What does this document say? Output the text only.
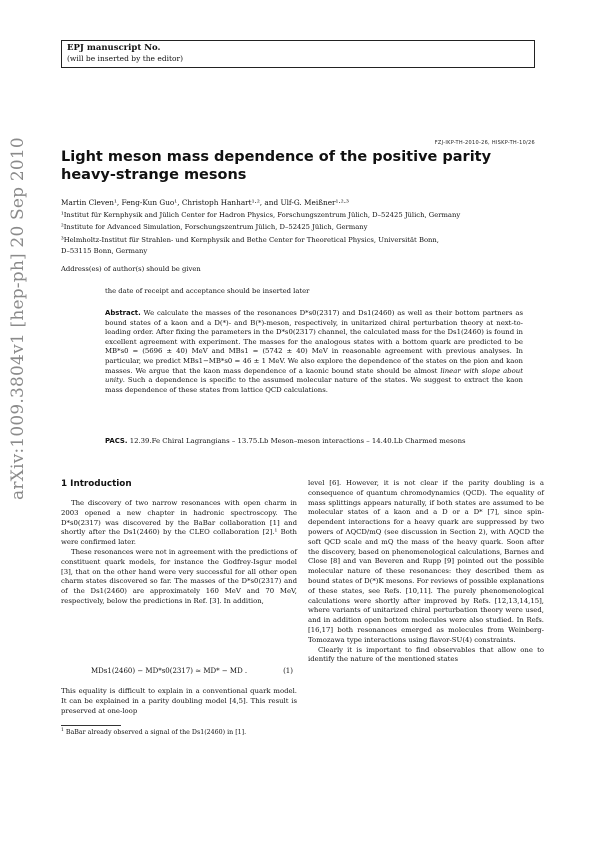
EPJ manuscript No.
(will be inserted by the editor)
arXiv:1009.3804v1 [hep-ph] 20 Sep 2010	FZJ-IKP-TH-2010-26, HISKP-TH-10/26
Light meson mass dependence of the positive parity
heavy-strange mesons
Martin Cleven¹, Feng-Kun Guo¹, Christoph Hanhart¹·², and Ulf-G. Meißner¹·²·³
¹Institut für Kernphysik and Jülich Center for Hadron Physics, Forschungszentrum Jülich, D–52425 Jülich, Germany
²Institute for Advanced Simulation, Forschungszentrum Jülich, D–52425 Jülich, Germany
³Helmholtz-Institut für Strahlen- und Kernphysik and Bethe Center for Theoretical Physics, Universität Bonn,
D–53115 Bonn, Germany
Address(es) of author(s) should be given
the date of receipt and acceptance should be inserted later
Abstract. We calculate the masses of the resonances D*s0(2317) and Ds1(2460) as well as their bottom partners as bound states of a kaon and a D(*)- and B(*)-meson, respectively, in unitarized chiral perturbation theory at next-to-leading order. After fixing the parameters in the D*s0(2317) channel, the calculated mass for the Ds1(2460) is found in excellent agreement with experiment. The masses for the analogous states with a bottom quark are predicted to be MB*s0 = (5696 ± 40) MeV and MBs1 = (5742 ± 40) MeV in reasonable agreement with previous analyses. In particular, we predict MBs1−MB*s0 = 46 ± 1 MeV. We also explore the dependence of the states on the pion and kaon masses. We argue that the kaon mass dependence of a kaonic bound state should be almost linear with slope about unity. Such a dependence is specific to the assumed molecular nature of the states. We suggest to extract the kaon mass dependence of these states from lattice QCD calculations.
PACS. 12.39.Fe Chiral Lagrangians – 13.75.Lb Meson–meson interactions – 14.40.Lb Charmed mesons
1 Introduction

The discovery of two narrow resonances with open charm in 2003 opened a new chapter in hadronic spectroscopy. The D*s0(2317) was discovered by the BaBar collaboration [1] and shortly after the Ds1(2460) by the CLEO collaboration [2].¹ Both were confirmed later.

These resonances were not in agreement with the predictions of constituent quark models, for instance the Godfrey-Isgur model [3], that on the other hand were very successful for all other open charm states discovered so far. The masses of the D*s0(2317) and of the Ds1(2460) are approximately 160 MeV and 70 MeV, respectively, below the predictions in Ref. [3]. In addition,

MDs1(2460) − MD*s0(2317) ≃ MD* − MD .	(1)

This equality is difficult to explain in a conventional quark model. It can be explained in a parity doubling model [4,5]. This result is preserved at one-loop

$^1$ BaBar already observed a signal of the Ds1(2460) in [1].

level [6]. However, it is not clear if the parity doubling is a consequence of quantum chromodynamics (QCD). The equality of mass splittings appears naturally, if both states are assumed to be molecular states of a kaon and a D or a D* [7], since spin-dependent interactions for a heavy quark are suppressed by two powers of ΛQCD/mQ (see discussion in Section 2), with ΛQCD the soft QCD scale and mQ the mass of the heavy quark. Soon after the discovery, based on phenomenological calculations, Barnes and Close [8] and van Beveren and Rupp [9] pointed out the possible molecular nature of these resonances: they described them as bound states of D(*)K mesons. For reviews of possible explanations of these states, see Refs. [10,11]. The purely phenomenological calculations were shortly after improved by Refs. [12,13,14,15], where variants of unitarized chiral perturbation theory were used, and in addition open bottom molecules were also studied. In Refs. [16,17] both resonances emerged as molecules from Weinberg-Tomozawa type interactions using flavor-SU(4) constraints.

Clearly it is important to find observables that allow one to identify the nature of the mentioned states
